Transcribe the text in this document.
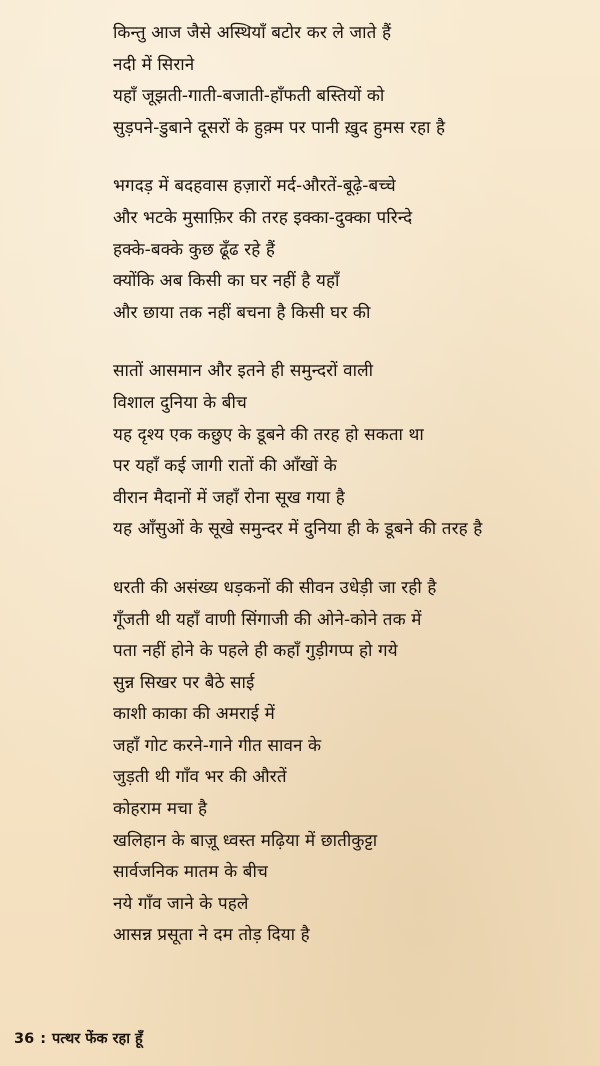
किन्तु आज जैसे अस्थियाँ बटोर कर ले जाते हैं
नदी में सिराने
यहाँ जूझती-गाती-बजाती-हाँफती बस्तियों को
सुड़पने-डुबाने दूसरों के हुक़्म पर पानी ख़ुद हुमस रहा है
भगदड़ में बदहवास हज़ारों मर्द-औरतें-बूढ़े-बच्चे
और भटके मुसाफ़िर की तरह इक्का-दुक्का परिन्दे
हक्के-बक्के कुछ ढूँढ रहे हैं
क्योंकि अब किसी का घर नहीं है यहाँ
और छाया तक नहीं बचना है किसी घर की
सातों आसमान और इतने ही समुन्दरों वाली
विशाल दुनिया के बीच
यह दृश्य एक कछुए के डूबने की तरह हो सकता था
पर यहाँ कई जागी रातों की आँखों के
वीरान मैदानों में जहाँ रोना सूख गया है
यह आँसुओं के सूखे समुन्दर में दुनिया ही के डूबने की तरह है
धरती की असंख्य धड़कनों की सीवन उधेड़ी जा रही है
गूँजती थी यहाँ वाणी सिंगाजी की ओने-कोने तक में
पता नहीं होने के पहले ही कहाँ गुड़ीगप्प हो गये
सुन्न सिखर पर बैठे साई
काशी काका की अमराई में
जहाँ गोट करने-गाने गीत सावन के
जुड़ती थी गाँव भर की औरतें
कोहराम मचा है
खलिहान के बाज़ू ध्वस्त मढ़िया में छातीकुट्टा
सार्वजनिक मातम के बीच
नये गाँव जाने के पहले
आसन्न प्रसूता ने दम तोड़ दिया है
36 : पत्थर फेंक रहा हूँ
